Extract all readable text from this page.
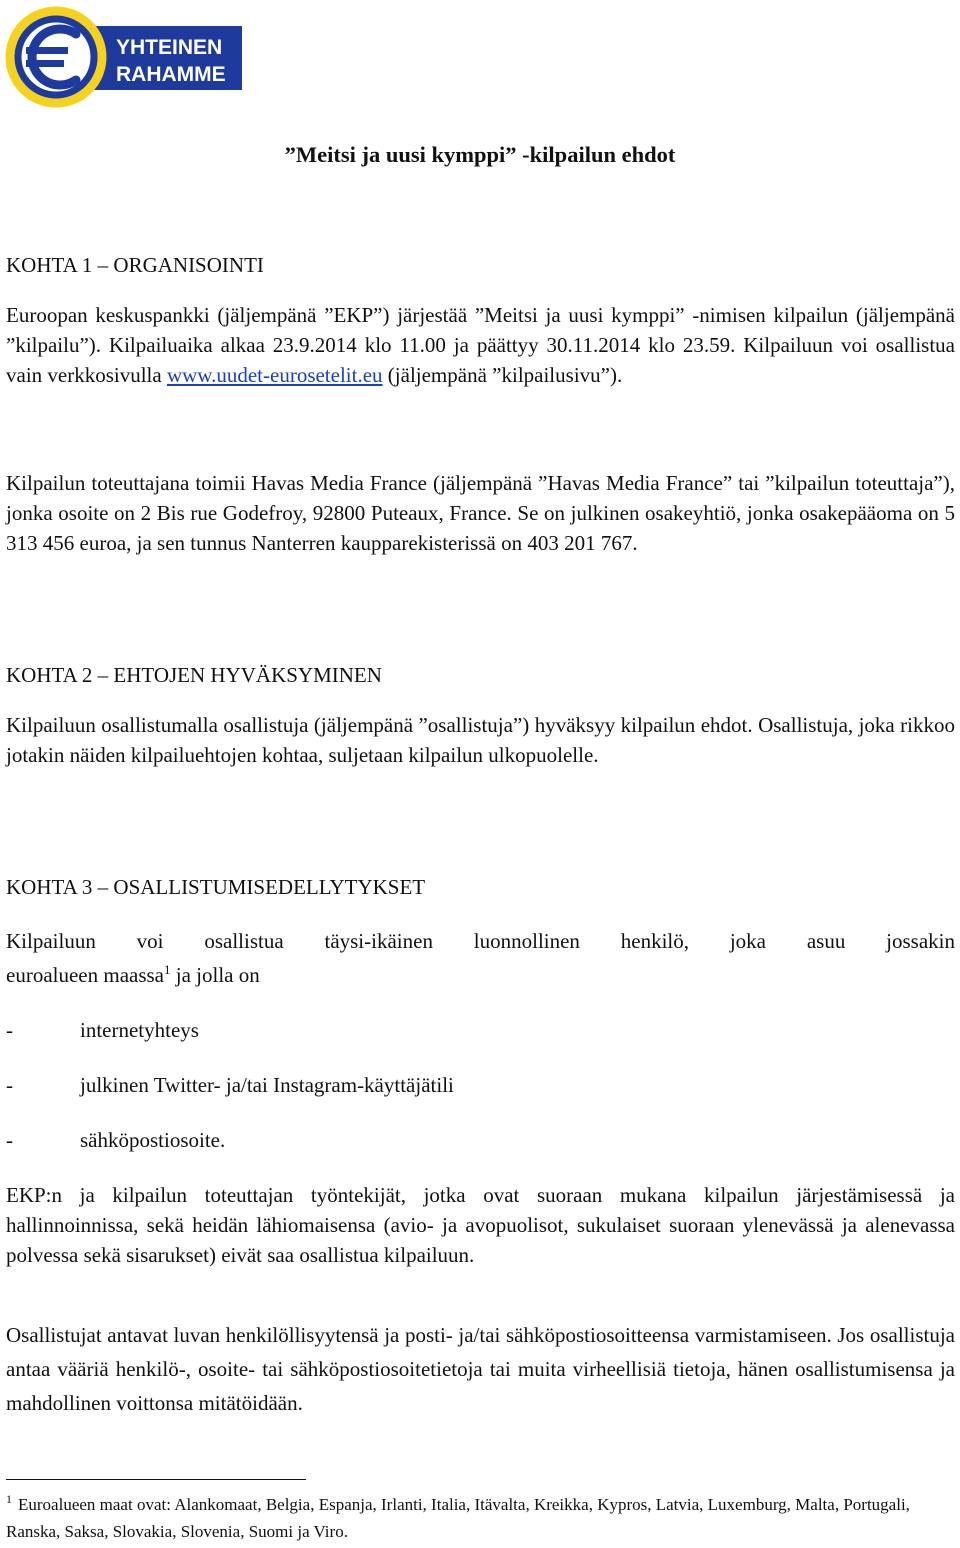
YHTEINEN
RAHAMME
”Meitsi ja uusi kymppi” -kilpailun ehdot
KOHTA 1 – ORGANISOINTI

Euroopan keskuspankki (jäljempänä ”EKP”) järjestää ”Meitsi ja uusi kymppi” -nimisen kilpailun (jäljempänä ”kilpailu”). Kilpailuaika alkaa 23.9.2014 klo 11.00 ja päättyy 30.11.2014 klo 23.59. Kilpailuun voi osallistua vain verkkosivulla www.uudet-eurosetelit.eu (jäljempänä ”kilpailusivu”).

Kilpailun toteuttajana toimii Havas Media France (jäljempänä ”Havas Media France” tai ”kilpailun toteuttaja”), jonka osoite on 2 Bis rue Godefroy, 92800 Puteaux, France. Se on julkinen osakeyhtiö, jonka osakepääoma on 5 313 456 euroa, ja sen tunnus Nanterren kaupparekisterissä on 403 201 767.

KOHTA 2 – EHTOJEN HYVÄKSYMINEN

Kilpailuun osallistumalla osallistuja (jäljempänä ”osallistuja”) hyväksyy kilpailun ehdot. Osallistuja, joka rikkoo jotakin näiden kilpailuehtojen kohtaa, suljetaan kilpailun ulkopuolelle.

KOHTA 3 – OSALLISTUMISEDELLYTYKSET

Kilpailuun voi osallistua täysi-ikäinen luonnollinen henkilö, joka asuu jossakin

euroalueen maassa$^1$ ja jolla on

-	internetyhteys

-	julkinen Twitter- ja/tai Instagram-käyttäjätili

-	sähköpostiosoite.

EKP:n ja kilpailun toteuttajan työntekijät, jotka ovat suoraan mukana kilpailun järjestämisessä ja hallinnoinnissa, sekä heidän lähiomaisensa (avio- ja avopuolisot, sukulaiset suoraan ylenevässä ja alenevassa polvessa sekä sisarukset) eivät saa osallistua kilpailuun.

Osallistujat antavat luvan henkilöllisyytensä ja posti- ja/tai sähköpostiosoitteensa varmistamiseen. Jos osallistuja antaa vääriä henkilö-, osoite- tai sähköpostiosoitetietoja tai muita virheellisiä tietoja, hänen osallistumisensa ja mahdollinen voittonsa mitätöidään.

$^1$ Euroalueen maat ovat: Alankomaat, Belgia, Espanja, Irlanti, Italia, Itävalta, Kreikka, Kypros, Latvia, Luxemburg, Malta, Portugali, Ranska, Saksa, Slovakia, Slovenia, Suomi ja Viro.
